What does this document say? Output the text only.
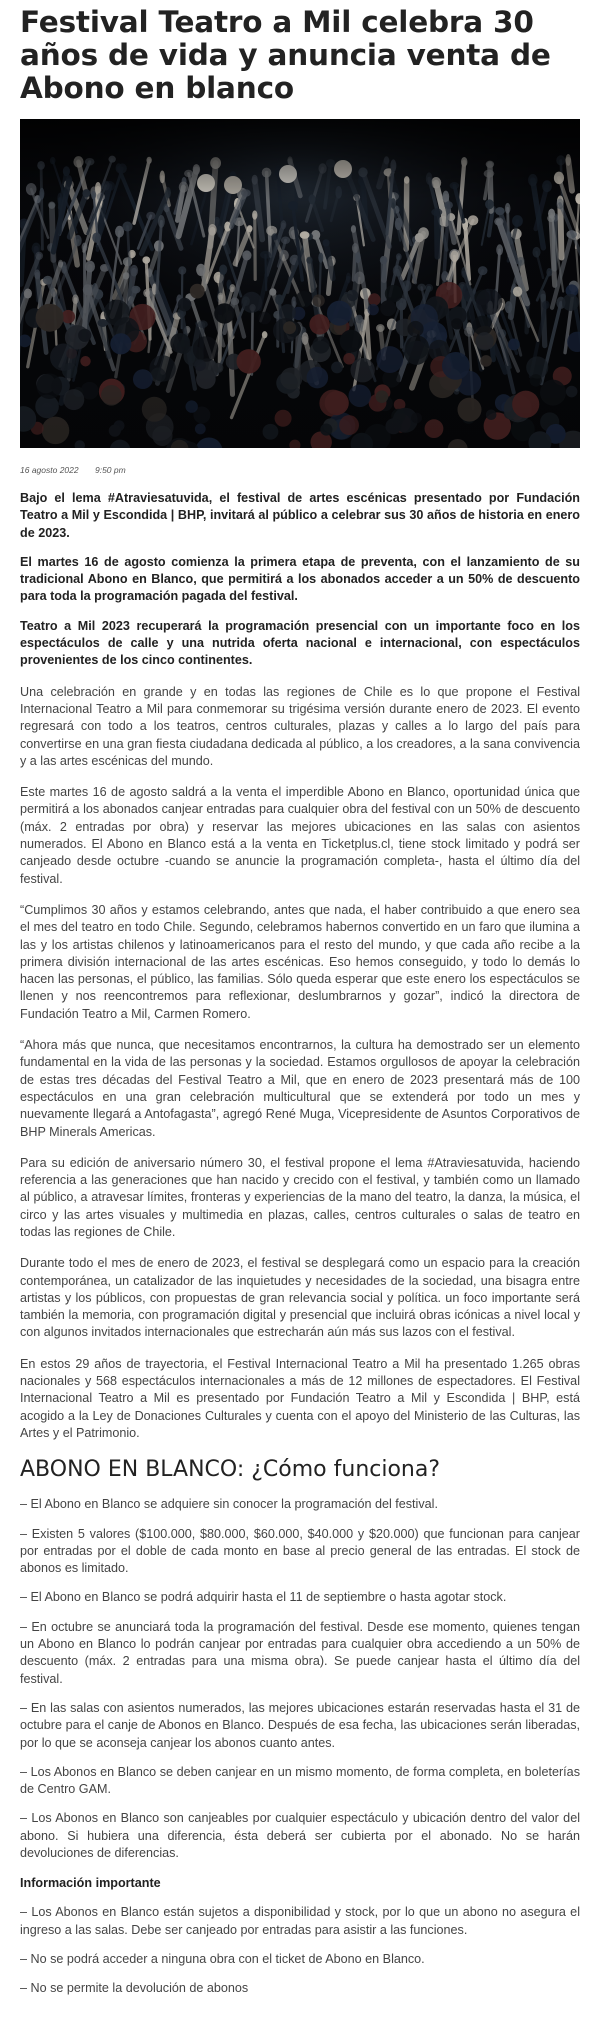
Festival Teatro a Mil celebra 30 años de vida y anuncia venta de Abono en blanco
16 agosto 2022 9:50 pm

Bajo el lema #Atraviesatuvida, el festival de artes escénicas presentado por Fundación Teatro a Mil y Escondida | BHP, invitará al público a celebrar sus 30 años de historia en enero de 2023.

El martes 16 de agosto comienza la primera etapa de preventa, con el lanzamiento de su tradicional Abono en Blanco, que permitirá a los abonados acceder a un 50% de descuento para toda la programación pagada del festival.

Teatro a Mil 2023 recuperará la programación presencial con un importante foco en los espectáculos de calle y una nutrida oferta nacional e internacional, con espectáculos provenientes de los cinco continentes.

Una celebración en grande y en todas las regiones de Chile es lo que propone el Festival Internacional Teatro a Mil para conmemorar su trigésima versión durante enero de 2023. El evento regresará con todo a los teatros, centros culturales, plazas y calles a lo largo del país para convertirse en una gran fiesta ciudadana dedicada al público, a los creadores, a la sana convivencia y a las artes escénicas del mundo.

Este martes 16 de agosto saldrá a la venta el imperdible Abono en Blanco, oportunidad única que permitirá a los abonados canjear entradas para cualquier obra del festival con un 50% de descuento (máx. 2 entradas por obra) y reservar las mejores ubicaciones en las salas con asientos numerados. El Abono en Blanco está a la venta en Ticketplus.cl, tiene stock limitado y podrá ser canjeado desde octubre -cuando se anuncie la programación completa-, hasta el último día del festival.

“Cumplimos 30 años y estamos celebrando, antes que nada, el haber contribuido a que enero sea el mes del teatro en todo Chile. Segundo, celebramos habernos convertido en un faro que ilumina a las y los artistas chilenos y latinoamericanos para el resto del mundo, y que cada año recibe a la primera división internacional de las artes escénicas. Eso hemos conseguido, y todo lo demás lo hacen las personas, el público, las familias. Sólo queda esperar que este enero los espectáculos se llenen y nos reencontremos para reflexionar, deslumbrarnos y gozar”, indicó la directora de Fundación Teatro a Mil, Carmen Romero.

“Ahora más que nunca, que necesitamos encontrarnos, la cultura ha demostrado ser un elemento fundamental en la vida de las personas y la sociedad. Estamos orgullosos de apoyar la celebración de estas tres décadas del Festival Teatro a Mil, que en enero de 2023 presentará más de 100 espectáculos en una gran celebración multicultural que se extenderá por todo un mes y nuevamente llegará a Antofagasta”, agregó René Muga, Vicepresidente de Asuntos Corporativos de BHP Minerals Americas.

Para su edición de aniversario número 30, el festival propone el lema #Atraviesatuvida, haciendo referencia a las generaciones que han nacido y crecido con el festival, y también como un llamado al público, a atravesar límites, fronteras y experiencias de la mano del teatro, la danza, la música, el circo y las artes visuales y multimedia en plazas, calles, centros culturales o salas de teatro en todas las regiones de Chile.

Durante todo el mes de enero de 2023, el festival se desplegará como un espacio para la creación contemporánea, un catalizador de las inquietudes y necesidades de la sociedad, una bisagra entre artistas y los públicos, con propuestas de gran relevancia social y política. un foco importante será también la memoria, con programación digital y presencial que incluirá obras icónicas a nivel local y con algunos invitados internacionales que estrecharán aún más sus lazos con el festival.

En estos 29 años de trayectoria, el Festival Internacional Teatro a Mil ha presentado 1.265 obras nacionales y 568 espectáculos internacionales a más de 12 millones de espectadores. El Festival Internacional Teatro a Mil es presentado por Fundación Teatro a Mil y Escondida | BHP, está acogido a la Ley de Donaciones Culturales y cuenta con el apoyo del Ministerio de las Culturas, las Artes y el Patrimonio.

ABONO EN BLANCO: ¿Cómo funciona?

– El Abono en Blanco se adquiere sin conocer la programación del festival.

– Existen 5 valores ($100.000, $80.000, $60.000, $40.000 y $20.000) que funcionan para canjear por entradas por el doble de cada monto en base al precio general de las entradas. El stock de abonos es limitado.

– El Abono en Blanco se podrá adquirir hasta el 11 de septiembre o hasta agotar stock.

– En octubre se anunciará toda la programación del festival. Desde ese momento, quienes tengan un Abono en Blanco lo podrán canjear por entradas para cualquier obra accediendo a un 50% de descuento (máx. 2 entradas para una misma obra). Se puede canjear hasta el último día del festival.

– En las salas con asientos numerados, las mejores ubicaciones estarán reservadas hasta el 31 de octubre para el canje de Abonos en Blanco. Después de esa fecha, las ubicaciones serán liberadas, por lo que se aconseja canjear los abonos cuanto antes.

– Los Abonos en Blanco se deben canjear en un mismo momento, de forma completa, en boleterías de Centro GAM.

– Los Abonos en Blanco son canjeables por cualquier espectáculo y ubicación dentro del valor del abono. Si hubiera una diferencia, ésta deberá ser cubierta por el abonado. No se harán devoluciones de diferencias.

Información importante

– Los Abonos en Blanco están sujetos a disponibilidad y stock, por lo que un abono no asegura el ingreso a las salas. Debe ser canjeado por entradas para asistir a las funciones.

– No se podrá acceder a ninguna obra con el ticket de Abono en Blanco.

– No se permite la devolución de abonos
